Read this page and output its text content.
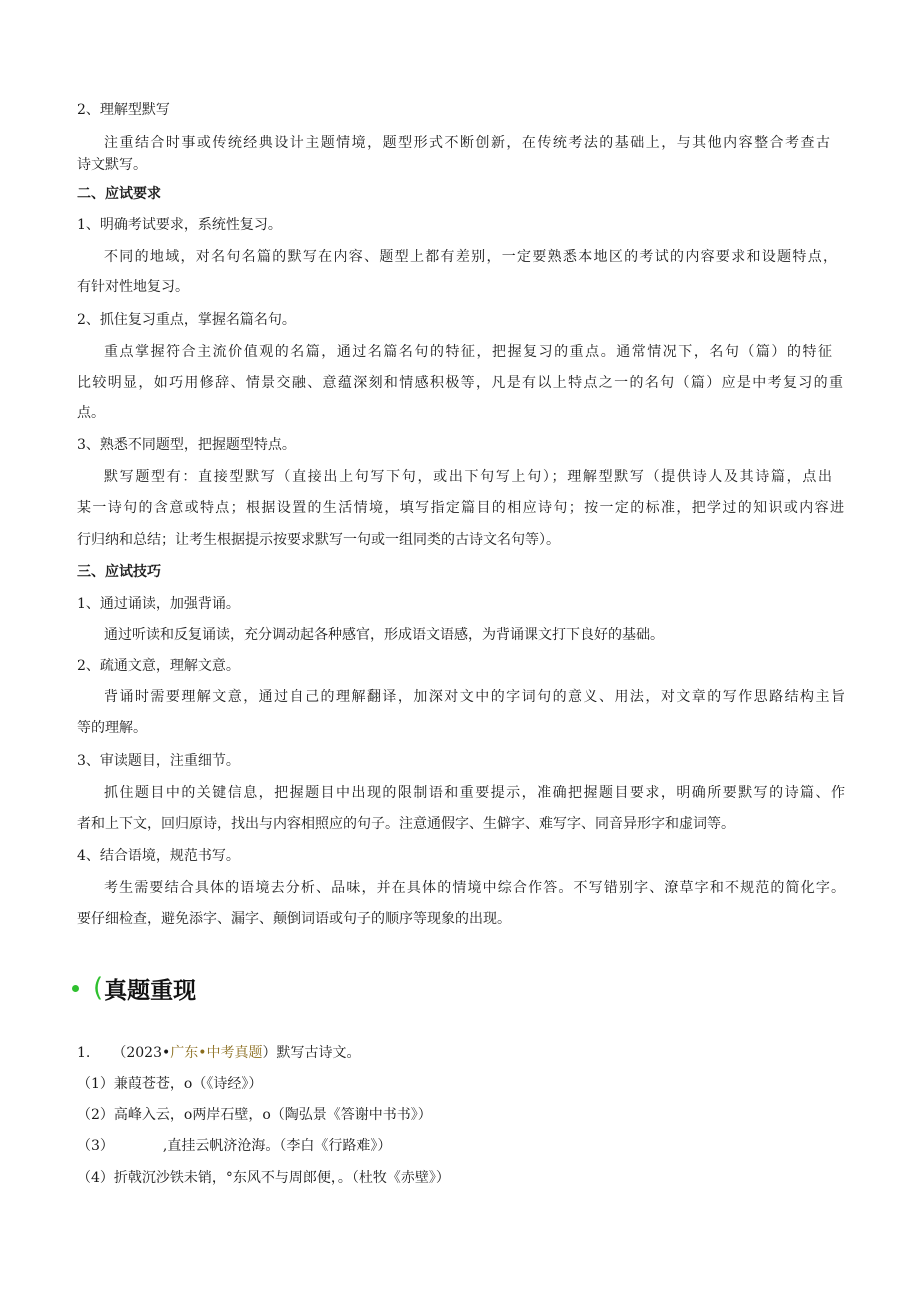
2、理解型默写
注重结合时事或传统经典设计主题情境，题型形式不断创新，在传统考法的基础上，与其他内容整合考查古
诗文默写。
二、应试要求
1、明确考试要求，系统性复习。
不同的地域，对名句名篇的默写在内容、题型上都有差别，一定要熟悉本地区的考试的内容要求和设题特点，
有针对性地复习。
2、抓住复习重点，掌握名篇名句。
重点掌握符合主流价值观的名篇，通过名篇名句的特征，把握复习的重点。通常情况下，名句（篇）的特征
比较明显，如巧用修辞、情景交融、意蕴深刻和情感积极等，凡是有以上特点之一的名句（篇）应是中考复习的重
点。
3、熟悉不同题型，把握题型特点。
默写题型有：直接型默写（直接出上句写下句，或出下句写上句）；理解型默写（提供诗人及其诗篇，点出
某一诗句的含意或特点；根据设置的生活情境，填写指定篇目的相应诗句；按一定的标准，把学过的知识或内容进
行归纳和总结；让考生根据提示按要求默写一句或一组同类的古诗文名句等）。
三、应试技巧
1、通过诵读，加强背诵。
通过听读和反复诵读，充分调动起各种感官，形成语文语感，为背诵课文打下良好的基础。
2、疏通文意，理解文意。
背诵时需要理解文意，通过自己的理解翻译，加深对文中的字词句的意义、用法，对文章的写作思路结构主旨
等的理解。
3、审读题目，注重细节。
抓住题目中的关键信息，把握题目中出现的限制语和重要提示，准确把握题目要求，明确所要默写的诗篇、作
者和上下文，回归原诗，找出与内容相照应的句子。注意通假字、生僻字、难写字、同音异形字和虚词等。
4、结合语境，规范书写。
考生需要结合具体的语境去分析、品味，并在具体的情境中综合作答。不写错别字、潦草字和不规范的简化字。
要仔细检查，避免添字、漏字、颠倒词语或句子的顺序等现象的出现。
( 真题重现
1. （2023•广东•中考真题）默写古诗文。
（1）兼葭苍苍，o（《诗经》）
（2）高峰入云，o两岸石壁，o（陶弘景《答谢中书书》）
（3）　　　　,直挂云帆济沧海。（李白《行路难》）
（4）折戟沉沙铁未销，°东风不与周郎便，。（杜牧《赤壁》）
